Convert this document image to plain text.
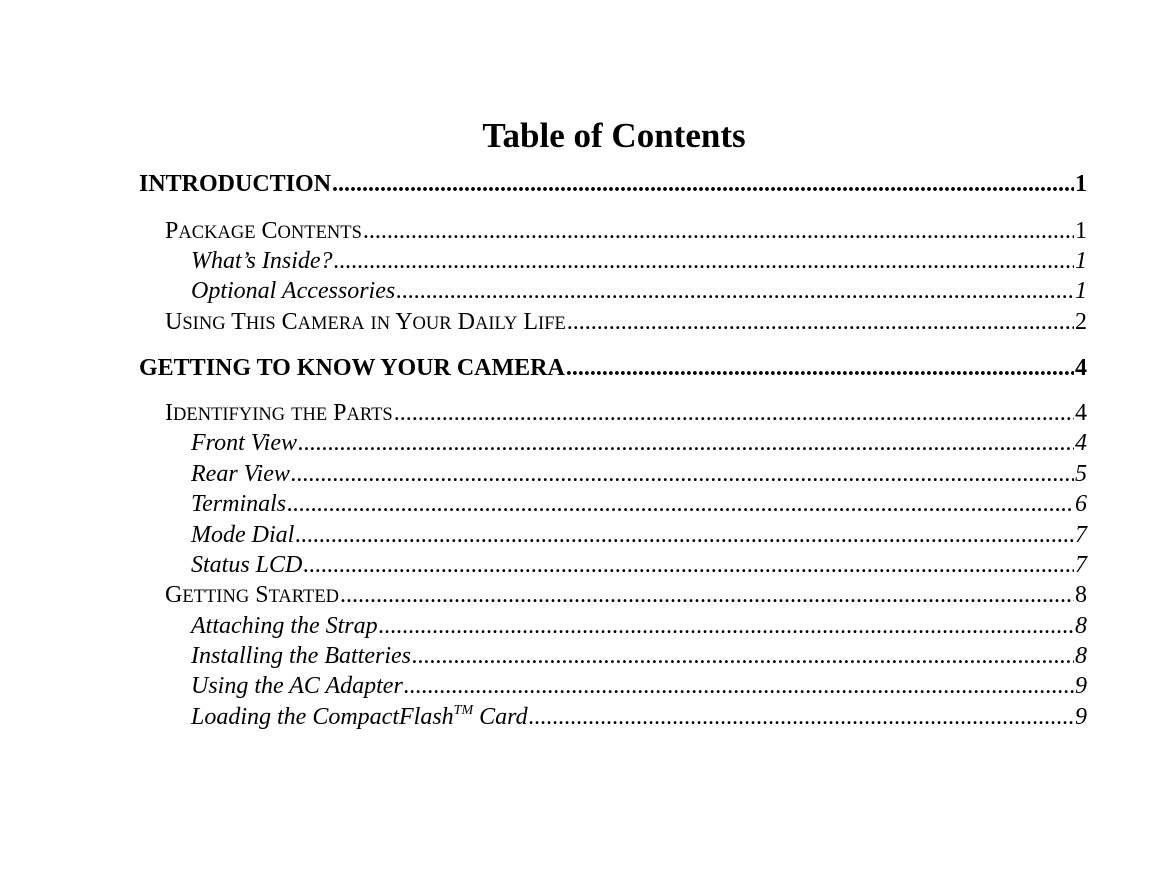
Table of Contents
INTRODUCTION .....	1
PACKAGE CONTENTS .....	1
What’s Inside? .....	1
Optional Accessories .....	1
USING THIS CAMERA IN YOUR DAILY LIFE .....	2
GETTING TO KNOW YOUR CAMERA .....	4
IDENTIFYING THE PARTS .....	4
Front View .....	4
Rear View .....	5
Terminals .....	6
Mode Dial .....	7
Status LCD .....	7
GETTING STARTED .....	8
Attaching the Strap .....	8
Installing the Batteries .....	8
Using the AC Adapter .....	9
Loading the CompactFlash™ Card .....	9
